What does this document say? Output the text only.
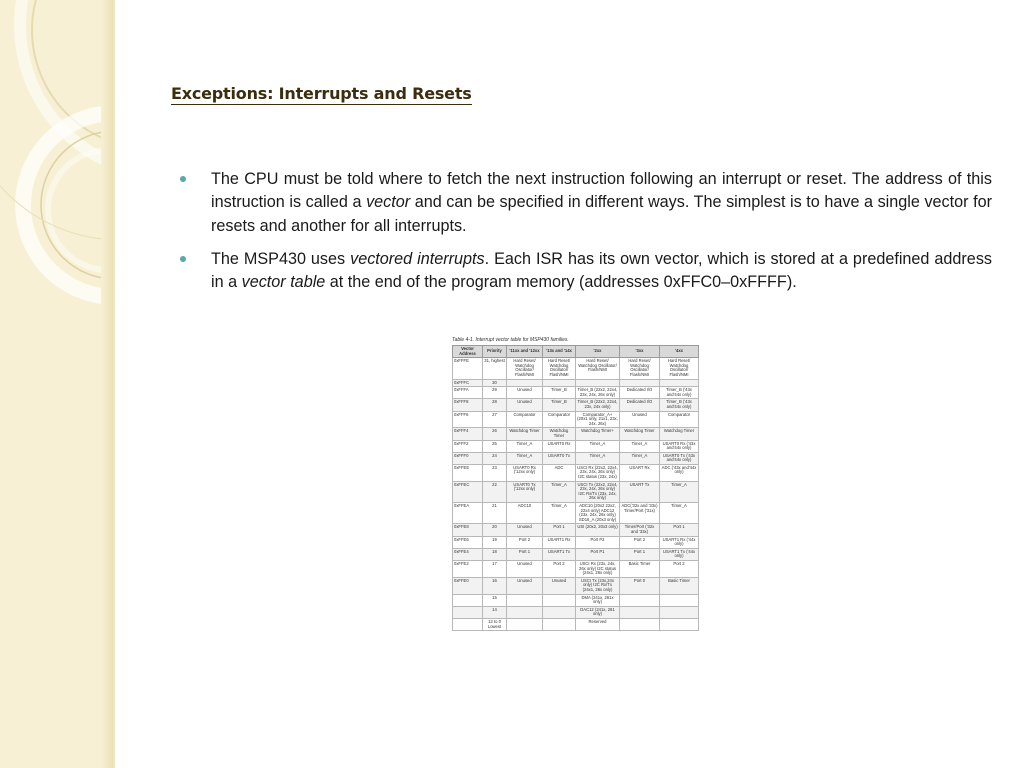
Exceptions: Interrupts and Resets
The CPU must be told where to fetch the next instruction following an interrupt or reset. The address of this instruction is called a vector and can be specified in different ways. The simplest is to have a single vector for resets and another for all interrupts.
The MSP430 uses vectored interrupts. Each ISR has its own vector, which is stored at a predefined address in a vector table at the end of the program memory (addresses 0xFFC0–0xFFFF).
Table 4-1. Interrupt vector table for MSP430 families.
Vector Address	Priority	'11xx and '12xx	'13x and '14x	'2xx	'3xx	'4xx
0xFFFE	31, highest	Hard Reset/ Watchdog Oscillator/ Flash/NMI	Hard Reset/ Watchdog Oscillator/ Flash/NMI	Hard Reset/ Watchdog Oscillator/ Flash/NMI	Hard Reset/ Watchdog Oscillator/ Flash/NMI	Hard Reset/ Watchdog Oscillator/ Flash/NMI
0xFFFC	30					
0xFFFA	29	Unused	Timer_B	Timer_B (22x2, 22x4, 23x, 24x, 26x only)	Dedicated I/O	Timer_B ('43x and'44x only)
0xFFF8	28	Unused	Timer_B	Timer_B (22x2, 22x4, 23x, 24x only)	Dedicated I/O	Timer_B ('43x and'44x only)
0xFFF6	27	Comparator	Comparator	Comparator_A+ (20x1 only, 21x1, 23x, 24x, 26x)	Unused	Comparator
0xFFF4	26	Watchdog Timer	Watchdog Timer	Watchdog Timer+	Watchdog Timer	Watchdog Timer
0xFFF2	25	Timer_A	USART0 Rx	Timer_A	Timer_A	USART0 Rx ('43x and'44x only)
0xFFF0	24	Timer_A	USART0 Tx	Timer_A	Timer_A	USART0 Tx ('43x and'44x only)
0xFFEE	23	USART0 Rx ('12xx only)	ADC	USCI Rx (22x2, 22x4, 23x, 24x, 26x only) I2C status (23x, 24x)	USART Rx	ADC ('43x and'44x only)
0xFFEC	22	USART0 Tx ('12xx only)	Timer_A	USCI Tx (22x2, 22x4, 23x, 24x, 26x only) I2C Rx/Tx (23x, 24x, 26x only)	USART Tx	Timer_A
0xFFEA	21	ADC10	Timer_A	ADC10 (20x2 22x2, 22x4 only) ADC12 (23x, 24x, 26x only) SD16_A (20x3 only)	ADC('32x and '33x) Timer/Port ('31x)	Timer_A
0xFFE8	20	Unused	Port 1	USI (20x2, 20x3 only)	Timer/Port ('32x and '33x)	Port 1
0xFFE6	19	Port 2	USART1 Rx	Port P2	Port 2	USART1 Rx ('44x only)
0xFFE4	18	Port 1	USART1 Tx	Port P1	Port 1	USART1 Tx ('44x only)
0xFFE2	17	Unused	Port 2	USCI Rx (23x, 24x, 26x only) I2C status (24x1, 26x only)	Basic Timer	Port 2
0xFFE0	16	Unused	Unused	USCI Tx (23x,24x only) I2C Rx/Tx (24x1, 26x only)	Port 0	Basic Timer
	15			DMA (241x, 261x only)		
	14			DAC12 (241x, 261 only)		
	13 to 0 Lowest			Reserved		
